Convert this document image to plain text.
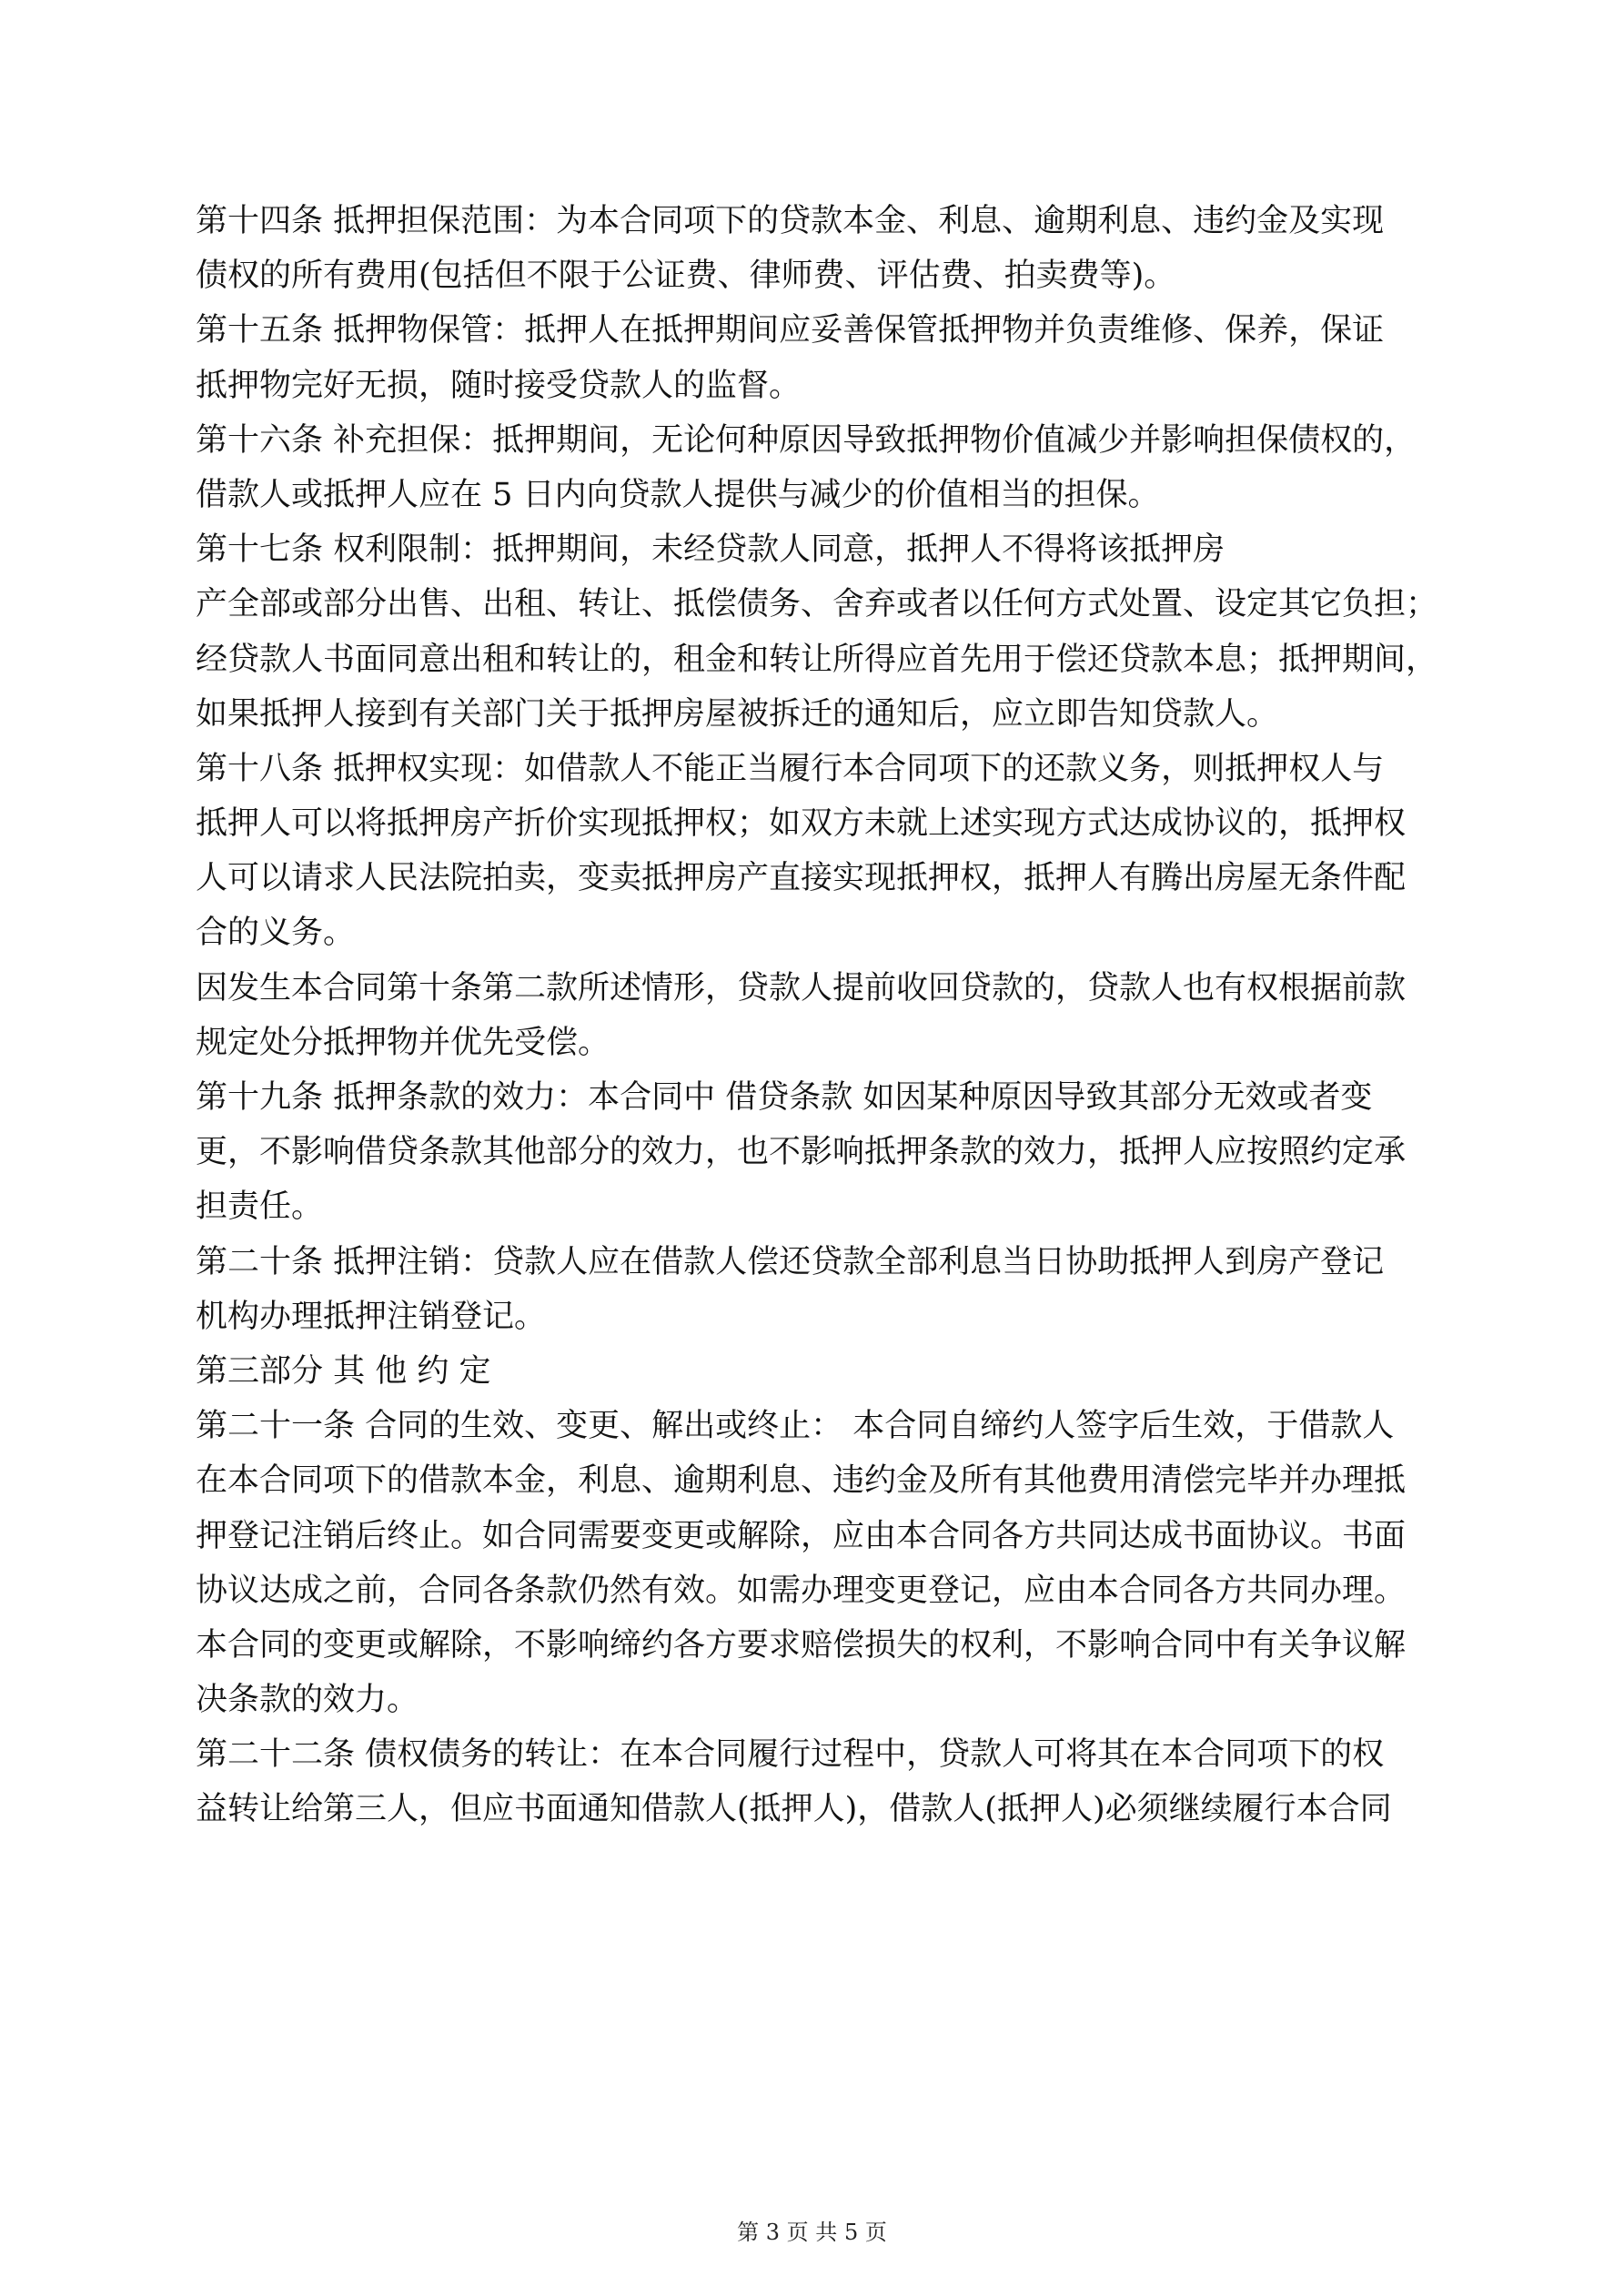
第十四条 抵押担保范围：为本合同项下的贷款本金、利息、逾期利息、违约金及实现
债权的所有费用(包括但不限于公证费、律师费、评估费、拍卖费等)。
第十五条 抵押物保管：抵押人在抵押期间应妥善保管抵押物并负责维修、保养，保证
抵押物完好无损，随时接受贷款人的监督。
第十六条 补充担保：抵押期间，无论何种原因导致抵押物价值减少并影响担保债权的，
借款人或抵押人应在 5 日内向贷款人提供与减少的价值相当的担保。
第十七条 权利限制：抵押期间，未经贷款人同意，抵押人不得将该抵押房
产全部或部分出售、出租、转让、抵偿债务、舍弃或者以任何方式处置、设定其它负担；
经贷款人书面同意出租和转让的，租金和转让所得应首先用于偿还贷款本息；抵押期间，
如果抵押人接到有关部门关于抵押房屋被拆迁的通知后，应立即告知贷款人。
第十八条 抵押权实现：如借款人不能正当履行本合同项下的还款义务，则抵押权人与
抵押人可以将抵押房产折价实现抵押权；如双方未就上述实现方式达成协议的，抵押权
人可以请求人民法院拍卖，变卖抵押房产直接实现抵押权，抵押人有腾出房屋无条件配
合的义务。
因发生本合同第十条第二款所述情形，贷款人提前收回贷款的，贷款人也有权根据前款
规定处分抵押物并优先受偿。
第十九条 抵押条款的效力：本合同中 借贷条款 如因某种原因导致其部分无效或者变
更，不影响借贷条款其他部分的效力，也不影响抵押条款的效力，抵押人应按照约定承
担责任。
第二十条 抵押注销：贷款人应在借款人偿还贷款全部利息当日协助抵押人到房产登记
机构办理抵押注销登记。
第三部分 其 他 约 定
第二十一条 合同的生效、变更、解出或终止： 本合同自缔约人签字后生效，于借款人
在本合同项下的借款本金，利息、逾期利息、违约金及所有其他费用清偿完毕并办理抵
押登记注销后终止。如合同需要变更或解除，应由本合同各方共同达成书面协议。书面
协议达成之前，合同各条款仍然有效。如需办理变更登记，应由本合同各方共同办理。
本合同的变更或解除，不影响缔约各方要求赔偿损失的权利，不影响合同中有关争议解
决条款的效力。
第二十二条 债权债务的转让：在本合同履行过程中，贷款人可将其在本合同项下的权
益转让给第三人，但应书面通知借款人(抵押人)，借款人(抵押人)必须继续履行本合同
第 3 页 共 5 页
